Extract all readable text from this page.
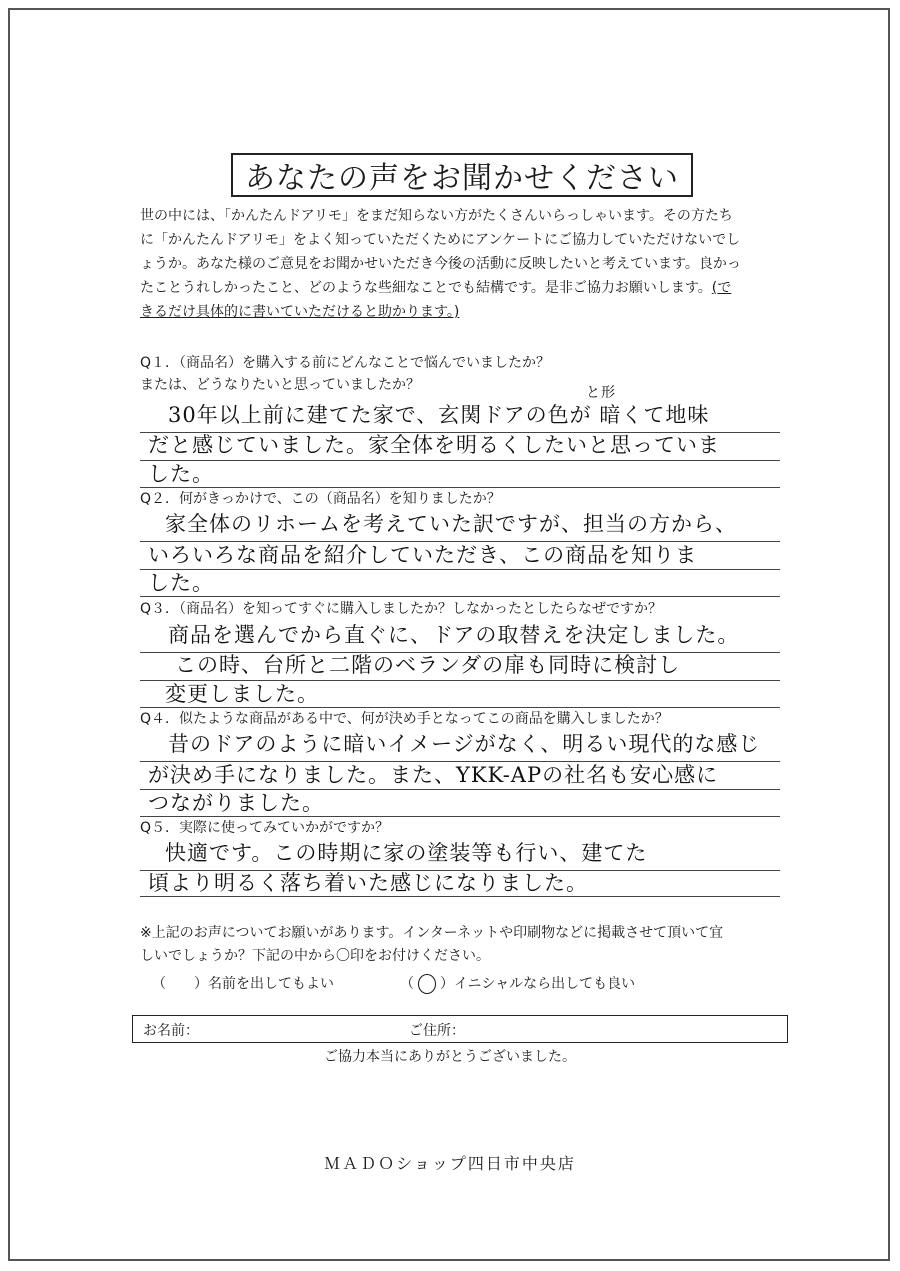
あなたの声をお聞かせください
世の中には、「かんたんドアリモ」をまだ知らない方がたくさんいらっしゃいます。その方たち
に「かんたんドアリモ」をよく知っていただくためにアンケートにご協力していただけないでし
ょうか。あなた様のご意見をお聞かせいただき今後の活動に反映したいと考えています。良かっ
たことうれしかったこと、どのような些細なことでも結構です。是非ご協力お願いします。(で
きるだけ具体的に書いていただけると助かります。)
Q１．（商品名）を購入する前にどんなことで悩んでいましたか？
または、どうなりたいと思っていましたか？
30年以上前に建てた家で、玄関ドアの色が 暗くて地味
と形
だと感じていました。家全体を明るくしたいと思っていま
した。
Q２．何がきっかけで、この（商品名）を知りましたか？
家全体のリホームを考えていた訳ですが、担当の方から、
いろいろな商品を紹介していただき、この商品を知りま
した。
Q３．（商品名）を知ってすぐに購入しましたか？しなかったとしたらなぜですか？
商品を選んでから直ぐに、ドアの取替えを決定しました。
この時、台所と二階のベランダの扉も同時に検討し
変更しました。
Q４．似たような商品がある中で、何が決め手となってこの商品を購入しましたか？
昔のドアのように暗いイメージがなく、明るい現代的な感じ
が決め手になりました。また、YKK-APの社名も安心感に
つながりました。
Q５．実際に使ってみていかがですか？
快適です。この時期に家の塗装等も行い、建てた
頃より明るく落ち着いた感じになりました。
※上記のお声についてお願いがあります。インターネットや印刷物などに掲載させて頂いて宜
しいでしょうか？下記の中から〇印をお付けください。
（　　）名前を出してもよい	（ ○ ）イニシャルなら出しても良い
お名前：	ご住所：
ご協力本当にありがとうございました。
ＭＡＤＯショップ四日市中央店
